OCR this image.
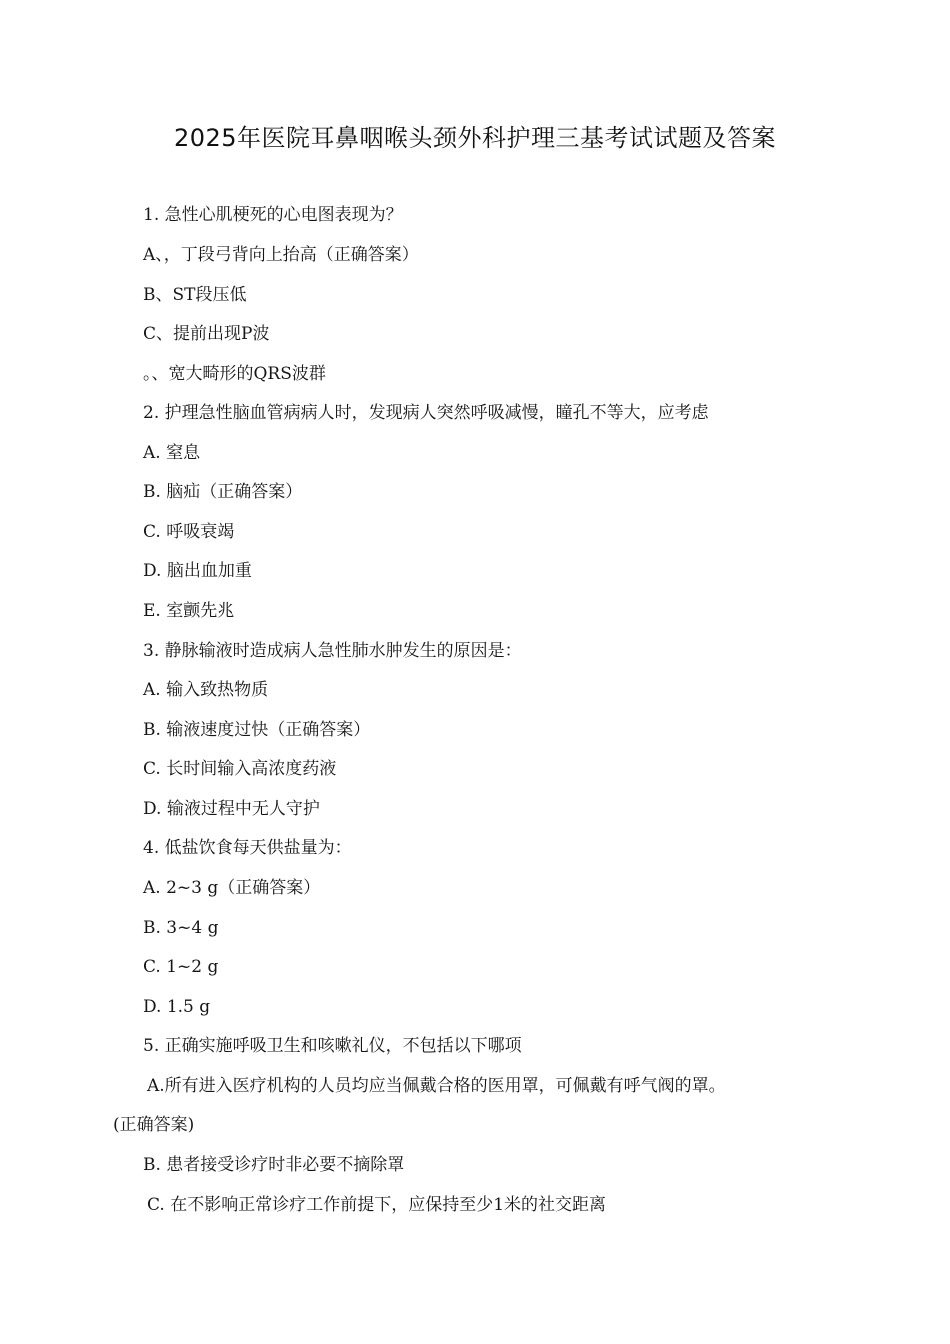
2025年医院耳鼻咽喉头颈外科护理三基考试试题及答案
1. 急性心肌梗死的心电图表现为？
A、，丁段弓背向上抬高（正确答案）
B、ST段压低
C、提前出现P波
。、宽大畸形的QRS波群
2. 护理急性脑血管病病人时，发现病人突然呼吸减慢，瞳孔不等大，应考虑
A. 窒息
B. 脑疝（正确答案）
C. 呼吸衰竭
D. 脑出血加重
E. 室颤先兆
3. 静脉输液时造成病人急性肺水肿发生的原因是：
A. 输入致热物质
B. 输液速度过快（正确答案）
C. 长时间输入高浓度药液
D. 输液过程中无人守护
4. 低盐饮食每天供盐量为：
A. 2~3 g（正确答案）
B. 3~4 g
C. 1~2 g
D. 1.5 g
5. 正确实施呼吸卫生和咳嗽礼仪，不包括以下哪项
A.所有进入医疗机构的人员均应当佩戴合格的医用罩，可佩戴有呼气阀的罩。
(正确答案)
B. 患者接受诊疗时非必要不摘除罩
C. 在不影响正常诊疗工作前提下，应保持至少1米的社交距离
